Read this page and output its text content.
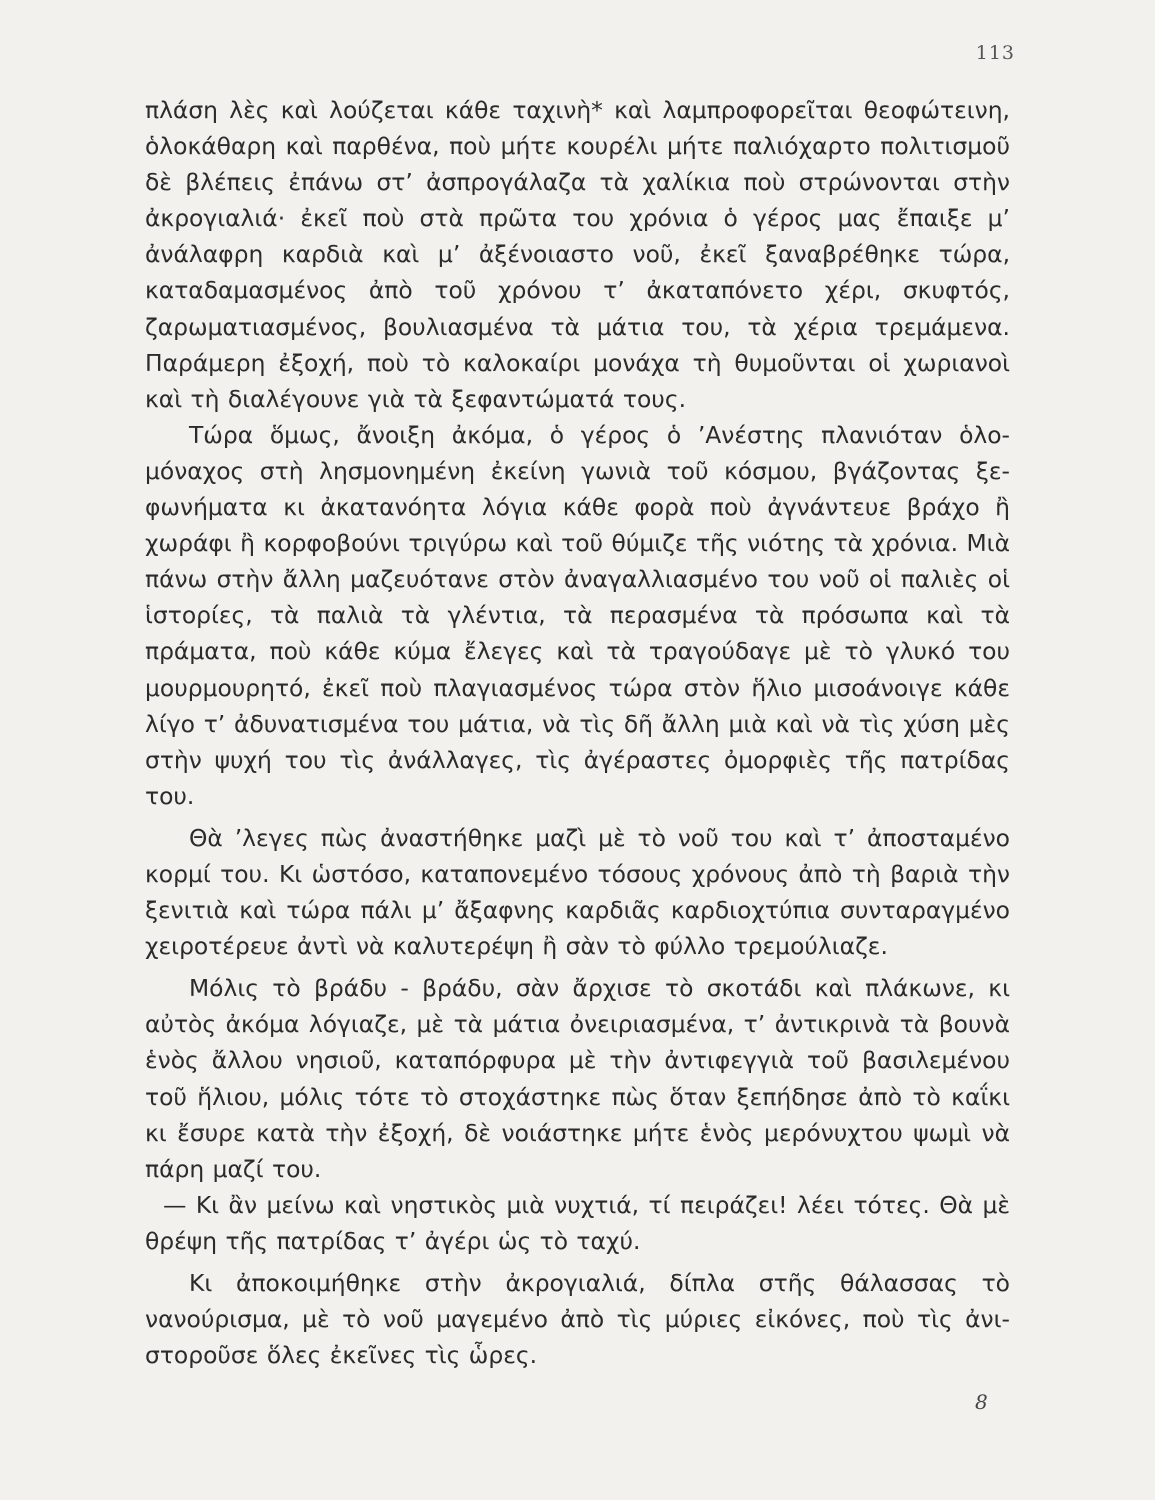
113

πλάση λὲς καὶ λούζεται κάθε ταχινὴ* καὶ λαμπροφορεῖται θεοφώτεινη, ὁλοκάθαρη καὶ παρθένα, ποὺ μήτε κουρέλι μήτε παλιόχαρτο πολιτισμοῦ δὲ βλέπεις ἐπάνω στ’ ἀσπρογάλαζα τὰ χαλίκια ποὺ στρώνονται στὴν ἀκρογιαλιά· ἐκεῖ ποὺ στὰ πρῶτα του χρόνια ὁ γέρος μας ἔπαιξε μ’ ἀνάλαφρη καρδιὰ καὶ μ’ ἀξένοιαστο νοῦ, ἐκεῖ ξαναβρέθηκε τώρα, καταδαμασμένος ἀπὸ τοῦ χρόνου τ’ ἀκαταπόνετο χέρι, σκυφτός, ζαρωματιασμένος, βουλιασμένα τὰ μάτια του, τὰ χέρια τρεμάμενα. Παράμερη ἐξοχή, ποὺ τὸ καλοκαίρι μονάχα τὴ θυμοῦνται οἱ χωριανοὶ καὶ τὴ διαλέγουνε γιὰ τὰ ξεφαντώματά τους.

Τώρα ὅμως, ἄνοιξη ἀκόμα, ὁ γέρος ὁ ’Ανέστης πλανιόταν ὁλομόναχος στὴ λησμονημένη ἐκείνη γωνιὰ τοῦ κόσμου, βγάζοντας ξεφωνήματα κι ἀκατανόητα λόγια κάθε φορὰ ποὺ ἀγνάντευε βράχο ἢ χωράφι ἢ κορφοβούνι τριγύρω καὶ τοῦ θύμιζε τῆς νιότης τὰ χρόνια. Μιὰ πάνω στὴν ἄλλη μαζευότανε στὸν ἀναγαλλιασμένο του νοῦ οἱ παλιὲς οἱ ἱστορίες, τὰ παλιὰ τὰ γλέντια, τὰ περασμένα τὰ πρόσωπα καὶ τὰ πράματα, ποὺ κάθε κύμα ἔλεγες καὶ τὰ τραγούδαγε μὲ τὸ γλυκό του μουρμουρητό, ἐκεῖ ποὺ πλαγιασμένος τώρα στὸν ἥλιο μισοάνοιγε κάθε λίγο τ’ ἀδυνατισμένα του μάτια, νὰ τὶς δῆ ἄλλη μιὰ καὶ νὰ τὶς χύση μὲς στὴν ψυχή του τὶς ἀνάλλαγες, τὶς ἀγέραστες ὀμορφιὲς τῆς πατρίδας του.

Θὰ ’λεγες πὼς ἀναστήθηκε μαζὶ μὲ τὸ νοῦ του καὶ τ’ ἀποσταμένο κορμί του. Κι ὡστόσο, καταπονεμένο τόσους χρόνους ἀπὸ τὴ βαριὰ τὴν ξενιτιὰ καὶ τώρα πάλι μ’ ἄξαφνης καρδιᾶς καρδιοχτύπια συνταραγμένο χειροτέρευε ἀντὶ νὰ καλυτερέψη ἢ σὰν τὸ φύλλο τρεμούλιαζε.

Μόλις τὸ βράδυ - βράδυ, σὰν ἄρχισε τὸ σκοτάδι καὶ πλάκωνε, κι αὐτὸς ἀκόμα λόγιαζε, μὲ τὰ μάτια ὀνειριασμένα, τ’ ἀντικρινὰ τὰ βουνὰ ἑνὸς ἄλλου νησιοῦ, καταπόρφυρα μὲ τὴν ἀντιφεγγιὰ τοῦ βασιλεμένου τοῦ ἥλιου, μόλις τότε τὸ στοχάστηκε πὼς ὅταν ξεπήδησε ἀπὸ τὸ καΐκι κι ἔσυρε κατὰ τὴν ἐξοχή, δὲ νοιάστηκε μήτε ἑνὸς μερόνυχτου ψωμὶ νὰ πάρη μαζί του.

— Κι ἂν μείνω καὶ νηστικὸς μιὰ νυχτιά, τί πειράζει! λέει τότες. Θὰ μὲ θρέψη τῆς πατρίδας τ’ ἀγέρι ὡς τὸ ταχύ.

Κι ἀποκοιμήθηκε στὴν ἀκρογιαλιά, δίπλα στῆς θάλασσας τὸ νανούρισμα, μὲ τὸ νοῦ μαγεμένο ἀπὸ τὶς μύριες εἰκόνες, ποὺ τὶς ἀνιστοροῦσε ὅλες ἐκεῖνες τὶς ὧρες.

8
